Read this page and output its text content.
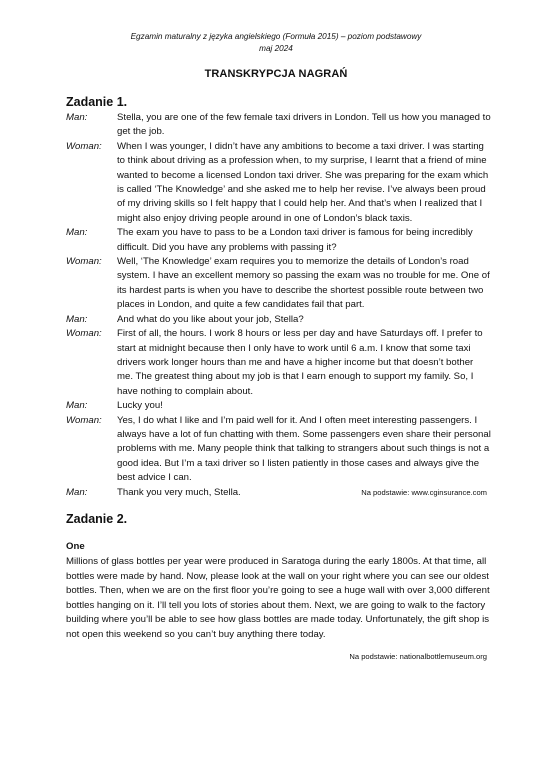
Egzamin maturalny z języka angielskiego (Formuła 2015) – poziom podstawowy
maj 2024
TRANSKRYPCJA NAGRAŃ
Zadanie 1.
Man:	Stella, you are one of the few female taxi drivers in London. Tell us how you managed to get the job.
Woman:	When I was younger, I didn’t have any ambitions to become a taxi driver. I was starting to think about driving as a profession when, to my surprise, I learnt that a friend of mine wanted to become a licensed London taxi driver. She was preparing for the exam which is called ‘The Knowledge’ and she asked me to help her revise. I’ve always been proud of my driving skills so I felt happy that I could help her. And that’s when I realized that I might also enjoy driving people around in one of London’s black taxis.
Man:	The exam you have to pass to be a London taxi driver is famous for being incredibly difficult. Did you have any problems with passing it?
Woman:	Well, ‘The Knowledge’ exam requires you to memorize the details of London’s road system. I have an excellent memory so passing the exam was no trouble for me. One of its hardest parts is when you have to describe the shortest possible route between two places in London, and quite a few candidates fail that part.
Man:	And what do you like about your job, Stella?
Woman:	First of all, the hours. I work 8 hours or less per day and have Saturdays off. I prefer to start at midnight because then I only have to work until 6 a.m. I know that some taxi drivers work longer hours than me and have a higher income but that doesn’t bother me. The greatest thing about my job is that I earn enough to support my family. So, I have nothing to complain about.
Man:	Lucky you!
Woman:	Yes, I do what I like and I’m paid well for it. And I often meet interesting passengers. I always have a lot of fun chatting with them. Some passengers even share their personal problems with me. Many people think that talking to strangers about such things is not a good idea. But I’m a taxi driver so I listen patiently in those cases and always give the best advice I can.
Man:	Thank you very much, Stella.	Na podstawie: www.cginsurance.com
Zadanie 2.
One

Millions of glass bottles per year were produced in Saratoga during the early 1800s. At that time, all bottles were made by hand. Now, please look at the wall on your right where you can see our oldest bottles. Then, when we are on the first floor you’re going to see a huge wall with over 3,000 different bottles hanging on it. I’ll tell you lots of stories about them. Next, we are going to walk to the factory building where you’ll be able to see how glass bottles are made today. Unfortunately, the gift shop is not open this weekend so you can’t buy anything there today.

Na podstawie: nationalbottlemuseum.org
